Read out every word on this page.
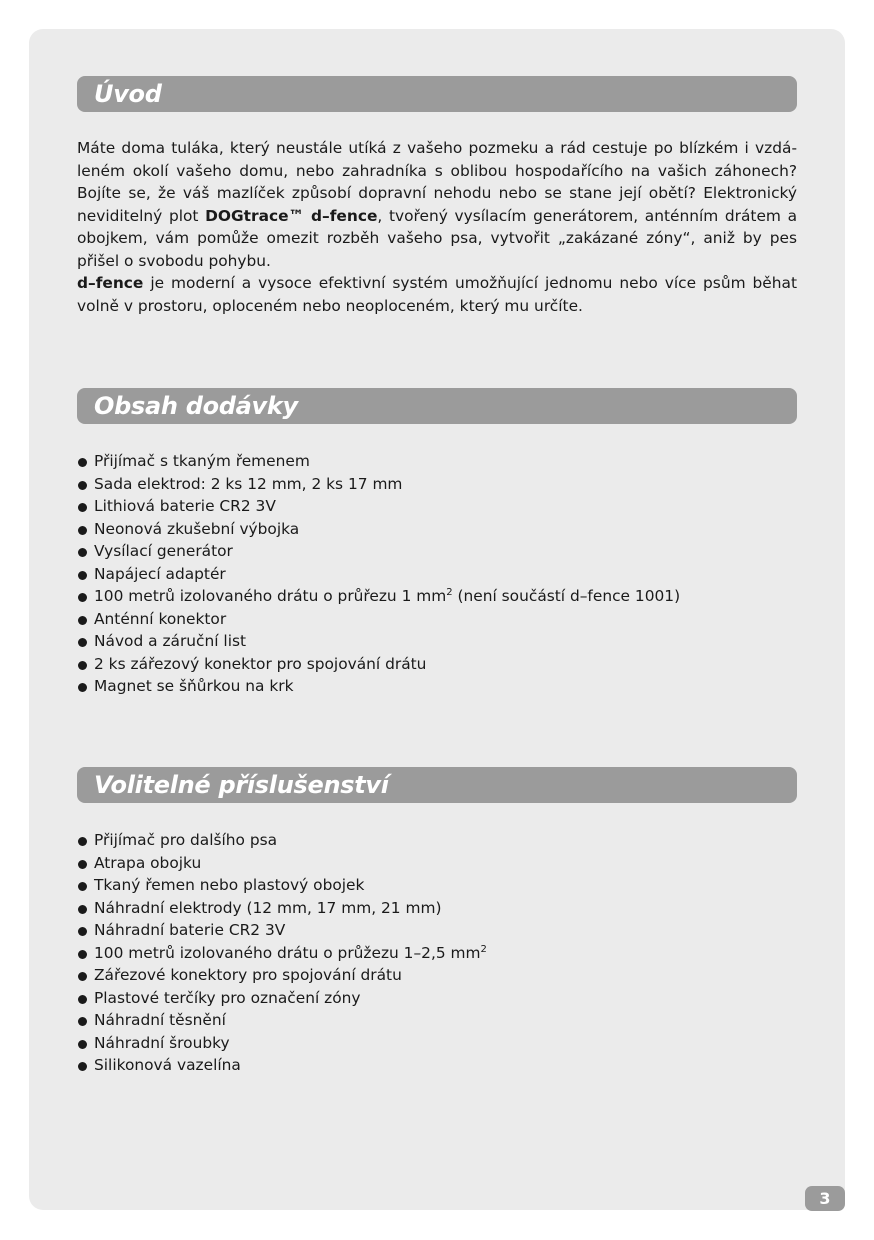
Úvod

Máte doma tuláka, který neustále utíká z vašeho pozmeku a rád cestuje po blízkém i vzdáleném okolí vašeho domu, nebo zahradníka s oblibou hospodařícího na vašich záhonech? Bojíte se, že váš mazlíček způsobí dopravní nehodu nebo se stane její obětí? Elektronický neviditelný plot DOGtrace™ d–fence, tvořený vysílacím generátorem, anténním drátem a obojkem, vám pomůže omezit rozběh vašeho psa, vytvořit „zakázané zóny“, aniž by pes přišel o svobodu pohybu.

d–fence je moderní a vysoce efektivní systém umožňující jednomu nebo více psům běhat volně v prostoru, oploceném nebo neoploceném, který mu určíte.

Obsah dodávky
Přijímač s tkaným řemenem
Sada elektrod: 2 ks 12 mm, 2 ks 17 mm
Lithiová baterie CR2 3V
Neonová zkušební výbojka
Vysílací generátor
Napájecí adaptér
100 metrů izolovaného drátu o průřezu 1 $mm^2$ (není součástí d–fence 1001)
Anténní konektor
Návod a záruční list
2 ks zářezový konektor pro spojování drátu
Magnet se šňůrkou na krk
Volitelné příslušenství
Přijímač pro dalšího psa
Atrapa obojku
Tkaný řemen nebo plastový obojek
Náhradní elektrody (12 mm, 17 mm, 21 mm)
Náhradní baterie CR2 3V
100 metrů izolovaného drátu o průžezu 1–2,5 $mm^2$
Zářezové konektory pro spojování drátu
Plastové terčíky pro označení zóny
Náhradní těsnění
Náhradní šroubky
Silikonová vazelína
3
